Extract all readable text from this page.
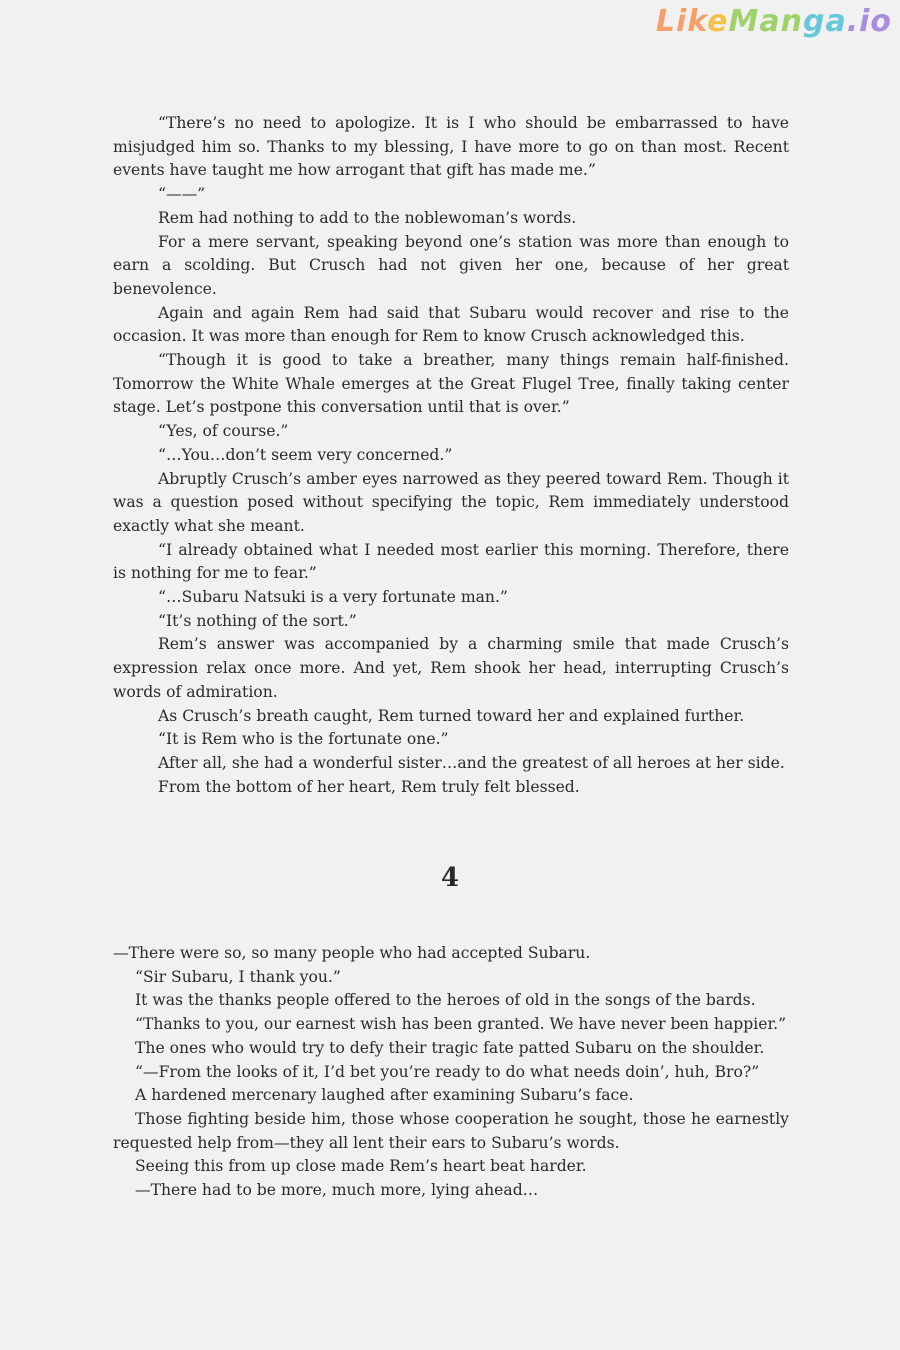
LikeManga.io

“There’s no need to apologize. It is I who should be embarrassed to have misjudged him so. Thanks to my blessing, I have more to go on than most. Recent events have taught me how arrogant that gift has made me.”

“——”

Rem had nothing to add to the noblewoman’s words.

For a mere servant, speaking beyond one’s station was more than enough to earn a scolding. But Crusch had not given her one, because of her great benevolence.

Again and again Rem had said that Subaru would recover and rise to the occasion. It was more than enough for Rem to know Crusch acknowledged this.

“Though it is good to take a breather, many things remain half-finished. Tomorrow the White Whale emerges at the Great Flugel Tree, finally taking center stage. Let’s postpone this conversation until that is over.”

“Yes, of course.”

“…You…don’t seem very concerned.”

Abruptly Crusch’s amber eyes narrowed as they peered toward Rem. Though it was a question posed without specifying the topic, Rem immediately understood exactly what she meant.

“I already obtained what I needed most earlier this morning. Therefore, there is nothing for me to fear.”

“…Subaru Natsuki is a very fortunate man.”

“It’s nothing of the sort.”

Rem’s answer was accompanied by a charming smile that made Crusch’s expression relax once more. And yet, Rem shook her head, interrupting Crusch’s words of admiration.

As Crusch’s breath caught, Rem turned toward her and explained further.

“It is Rem who is the fortunate one.”

After all, she had a wonderful sister…and the greatest of all heroes at her side.

From the bottom of her heart, Rem truly felt blessed.

4

—There were so, so many people who had accepted Subaru.

“Sir Subaru, I thank you.”

It was the thanks people offered to the heroes of old in the songs of the bards.

“Thanks to you, our earnest wish has been granted. We have never been happier.”

The ones who would try to defy their tragic fate patted Subaru on the shoulder.

“—From the looks of it, I’d bet you’re ready to do what needs doin’, huh, Bro?”

A hardened mercenary laughed after examining Subaru’s face.

Those fighting beside him, those whose cooperation he sought, those he earnestly requested help from—they all lent their ears to Subaru’s words.

Seeing this from up close made Rem’s heart beat harder.

—There had to be more, much more, lying ahead…
